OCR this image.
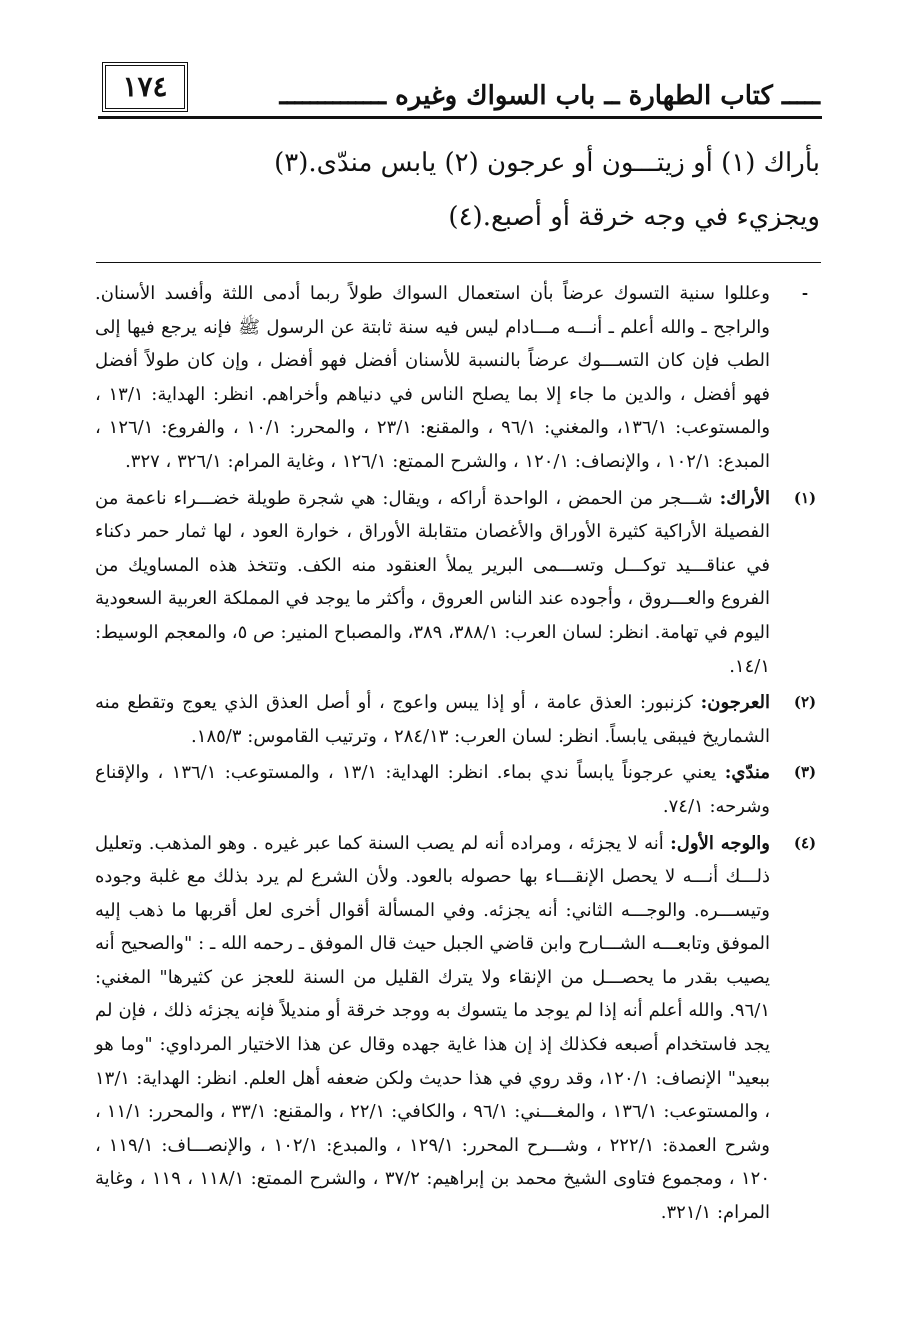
١٧٤	ـــــ كتاب الطهارة ــ باب السواك وغيره ــــــــــــــ
بأراك (١) أو زيتـــون أو عرجون (٢) يابس مندّى.(٣)
ويجزيء في وجه خرقة أو أصبع.(٤)
-
وعللوا سنية التسوك عرضاً بأن استعمال السواك طولاً ربما أدمى اللثة وأفسد الأسنان. والراجح ـ والله أعلم ـ أنـــه مـــادام ليس فيه سنة ثابتة عن الرسول ﷺ فإنه يرجع فيها إلى الطب فإن كان التســـوك عرضاً بالنسبة للأسنان أفضل فهو أفضل ، وإن كان طولاً أفضل فهو أفضل ، والدين ما جاء إلا بما يصلح الناس في دنياهم وأخراهم. انظر: الهداية: ١٣/١ ، والمستوعب: ١٣٦/١، والمغني: ٩٦/١ ، والمقنع: ٢٣/١ ، والمحرر: ١٠/١ ، والفروع: ١٢٦/١ ، المبدع: ١٠٢/١ ، والإنصاف: ١٢٠/١ ، والشرح الممتع: ١٢٦/١ ، وغاية المرام: ٣٢٦/١ ، ٣٢٧.
(١)
الأراك: شـــجر من الحمض ، الواحدة أراكه ، ويقال: هي شجرة طويلة خضـــراء ناعمة من الفصيلة الأراكية كثيرة الأوراق والأغصان متقابلة الأوراق ، خوارة العود ، لها ثمار حمر دكناء في عناقـــيد توكـــل وتســـمى البرير يملأ العنقود منه الكف. وتتخذ هذه المساويك من الفروع والعـــروق ، وأجوده عند الناس العروق ، وأكثر ما يوجد في المملكة العربية السعودية اليوم في تهامة. انظر: لسان العرب: ٣٨٨/١، ٣٨٩، والمصباح المنير: ص ٥، والمعجم الوسيط: ١٤/١.
(٢)
العرجون: كزنبور: العذق عامة ، أو إذا يبس واعوج ، أو أصل العذق الذي يعوج وتقطع منه الشماريخ فيبقى يابساً. انظر: لسان العرب: ٢٨٤/١٣ ، وترتيب القاموس: ١٨٥/٣.
(٣)
مندّي: يعني عرجوناً يابساً ندي بماء. انظر: الهداية: ١٣/١ ، والمستوعب: ١٣٦/١ ، والإقناع وشرحه: ٧٤/١.
(٤)
والوجه الأول: أنه لا يجزئه ، ومراده أنه لم يصب السنة كما عبر غيره . وهو المذهب. وتعليل ذلـــك أنـــه لا يحصل الإنقـــاء بها حصوله بالعود. ولأن الشرع لم يرد بذلك مع غلبة وجوده وتيســـره. والوجـــه الثاني: أنه يجزئه. وفي المسألة أقوال أخرى لعل أقربها ما ذهب إليه الموفق وتابعـــه الشـــارح وابن قاضي الجبل حيث قال الموفق ـ رحمه الله ـ : "والصحيح أنه يصيب بقدر ما يحصـــل من الإنقاء ولا يترك القليل من السنة للعجز عن كثيرها" المغني: ٩٦/١. والله أعلم أنه إذا لم يوجد ما يتسوك به ووجد خرقة أو منديلاً فإنه يجزئه ذلك ، فإن لم يجد فاستخدام أصبعه فكذلك إذ إن هذا غاية جهده وقال عن هذا الاختيار المرداوي: "وما هو ببعيد" الإنصاف: ١٢٠/١، وقد روي في هذا حديث ولكن ضعفه أهل العلم. انظر: الهداية: ١٣/١ ، والمستوعب: ١٣٦/١ ، والمغـــني: ٩٦/١ ، والكافي: ٢٢/١ ، والمقنع: ٣٣/١ ، والمحرر: ١١/١ ، وشرح العمدة: ٢٢٢/١ ، وشـــرح المحرر: ١٢٩/١ ، والمبدع: ١٠٢/١ ، والإنصـــاف: ١١٩/١ ، ١٢٠ ، ومجموع فتاوى الشيخ محمد بن إبراهيم: ٣٧/٢ ، والشرح الممتع: ١١٨/١ ، ١١٩ ، وغاية المرام: ٣٢١/١.
